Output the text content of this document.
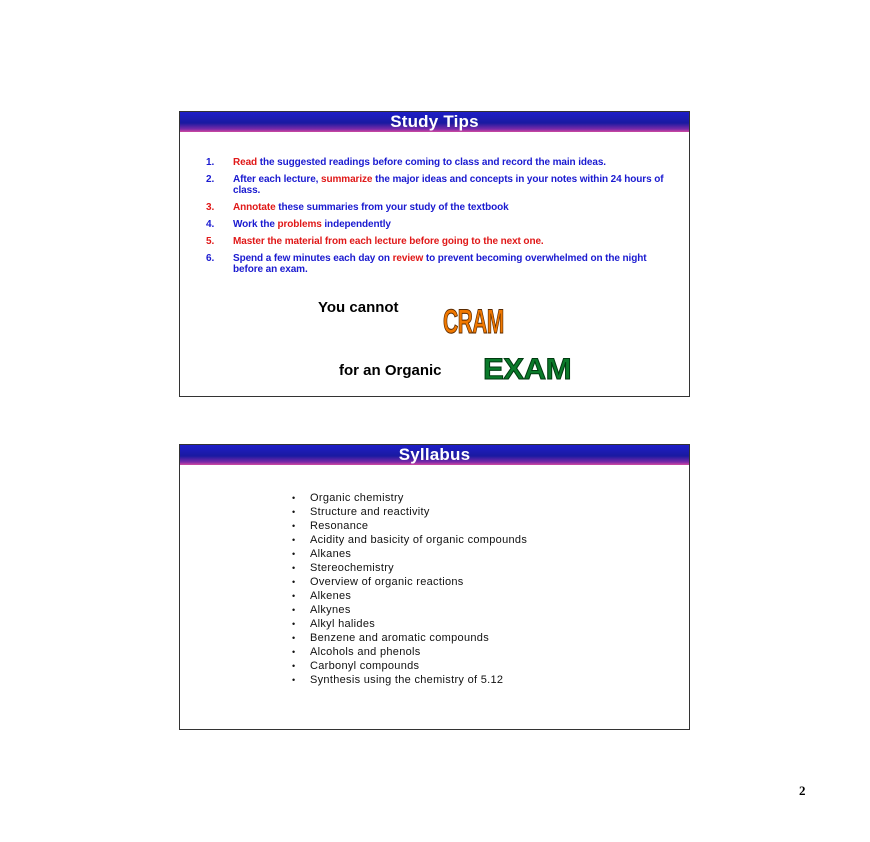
Study Tips
1. Read the suggested readings before coming to class and record the main ideas.
2. After each lecture, summarize the major ideas and concepts in your notes within 24 hours of class.
3. Annotate these summaries from your study of the textbook
4. Work the problems independently
5. Master the material from each lecture before going to the next one.
6. Spend a few minutes each day on review to prevent becoming overwhelmed on the night before an exam.
You cannot CRAM
for an Organic EXAM
Syllabus
• Organic chemistry
• Structure and reactivity
• Resonance
• Acidity and basicity of organic compounds
• Alkanes
• Stereochemistry
• Overview of organic reactions
• Alkenes
• Alkynes
• Alkyl halides
• Benzene and aromatic compounds
• Alcohols and phenols
• Carbonyl compounds
• Synthesis using the chemistry of 5.12
2
